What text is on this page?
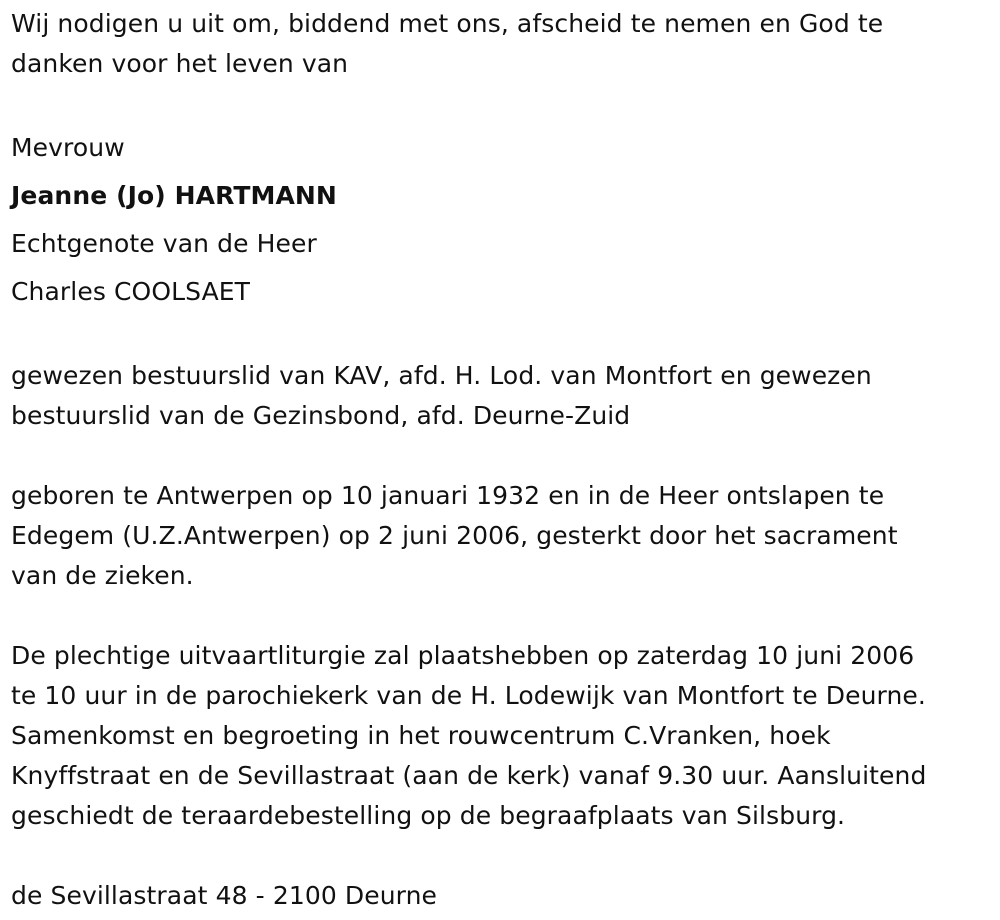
Wij nodigen u uit om, biddend met ons, afscheid te nemen en God te
danken voor het leven van
Mevrouw
Jeanne (Jo) HARTMANN
Echtgenote van de Heer
Charles COOLSAET
gewezen bestuurslid van KAV, afd. H. Lod. van Montfort en gewezen
bestuurslid van de Gezinsbond, afd. Deurne-Zuid
geboren te Antwerpen op 10 januari 1932 en in de Heer ontslapen te
Edegem (U.Z.Antwerpen) op 2 juni 2006, gesterkt door het sacrament
van de zieken.
De plechtige uitvaartliturgie zal plaatshebben op zaterdag 10 juni 2006
te 10 uur in de parochiekerk van de H. Lodewijk van Montfort te Deurne.
Samenkomst en begroeting in het rouwcentrum C.Vranken, hoek
Knyffstraat en de Sevillastraat (aan de kerk) vanaf 9.30 uur. Aansluitend
geschiedt de teraardebestelling op de begraafplaats van Silsburg.
de Sevillastraat 48 - 2100 Deurne
